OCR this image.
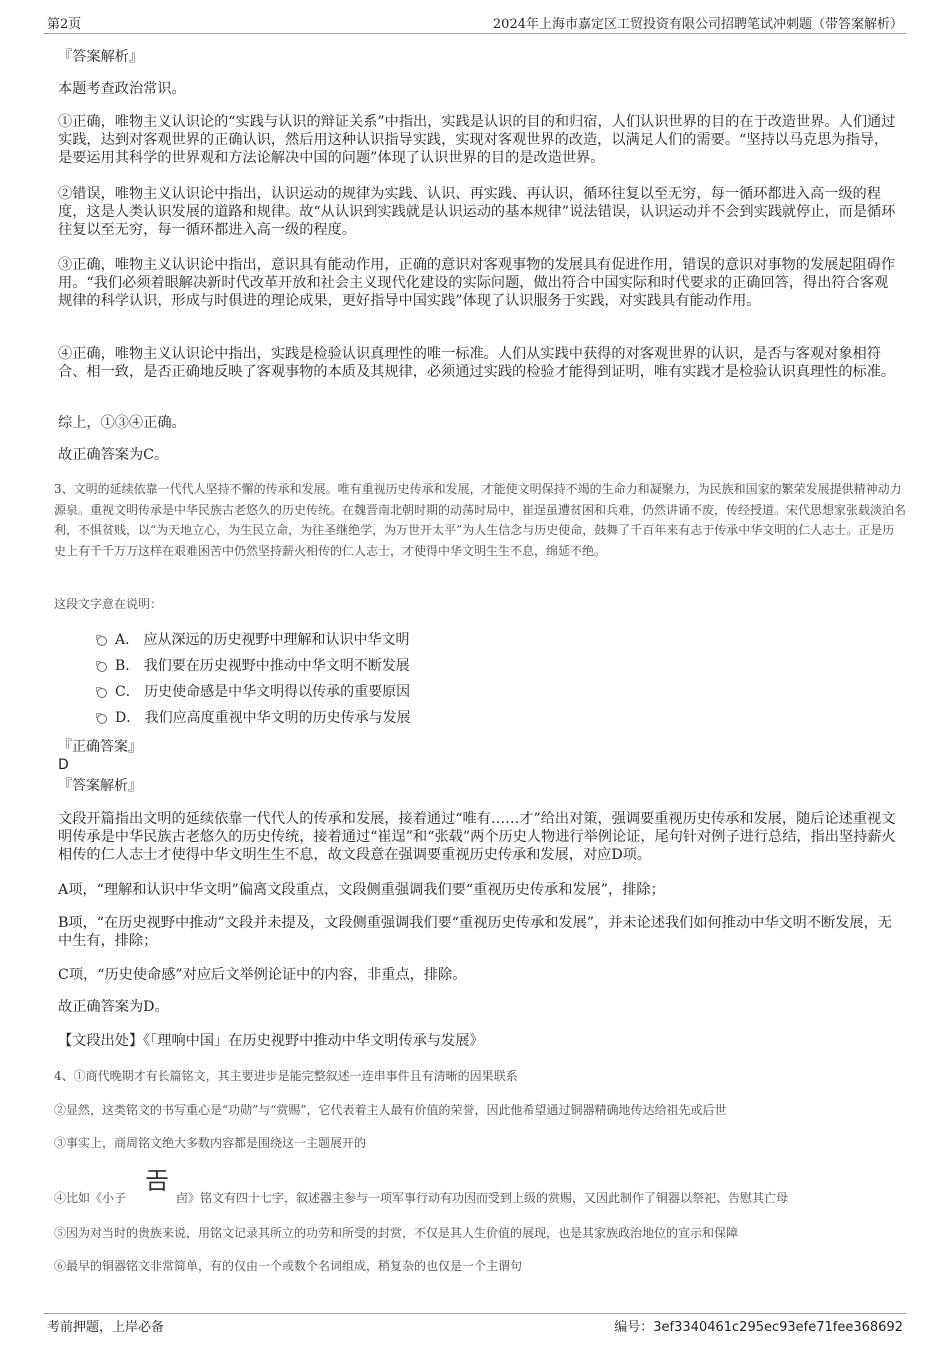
第2页	2024年上海市嘉定区工贸投资有限公司招聘笔试冲刺题（带答案解析）
『答案解析』
本题考查政治常识。
①正确，唯物主义认识论的“实践与认识的辩证关系”中指出，实践是认识的目的和归宿，人们认识世界的目的在于改造世界。人们通过实践，达到对客观世界的正确认识，然后用这种认识指导实践，实现对客观世界的改造，以满足人们的需要。“坚持以马克思为指导，是要运用其科学的世界观和方法论解决中国的问题”体现了认识世界的目的是改造世界。
②错误，唯物主义认识论中指出，认识运动的规律为实践、认识、再实践、再认识，循环往复以至无穷，每一循环都进入高一级的程度，这是人类认识发展的道路和规律。故“从认识到实践就是认识运动的基本规律”说法错误，认识运动并不会到实践就停止，而是循环往复以至无穷，每一循环都进入高一级的程度。
③正确，唯物主义认识论中指出，意识具有能动作用，正确的意识对客观事物的发展具有促进作用，错误的意识对事物的发展起阻碍作用。“我们必须着眼解决新时代改革开放和社会主义现代化建设的实际问题，做出符合中国实际和时代要求的正确回答，得出符合客观规律的科学认识，形成与时俱进的理论成果，更好指导中国实践”体现了认识服务于实践，对实践具有能动作用。
④正确，唯物主义认识论中指出，实践是检验认识真理性的唯一标准。人们从实践中获得的对客观世界的认识，是否与客观对象相符合、相一致，是否正确地反映了客观事物的本质及其规律，必须通过实践的检验才能得到证明，唯有实践才是检验认识真理性的标准。
综上，①③④正确。
故正确答案为C。
3、文明的延续依靠一代代人坚持不懈的传承和发展。唯有重视历史传承和发展，才能使文明保持不竭的生命力和凝聚力，为民族和国家的繁荣发展提供精神动力源泉。重视文明传承是中华民族古老悠久的历史传统。在魏晋南北朝时期的动荡时局中，崔逞虽遭贫困和兵难，仍然讲诵不废，传经授道。宋代思想家张载淡泊名利，不惧贫贱，以“为天地立心，为生民立命，为往圣继绝学，为万世开太平”为人生信念与历史使命，鼓舞了千百年来有志于传承中华文明的仁人志士。正是历史上有千千万万这样在艰难困苦中仍然坚持薪火相传的仁人志士，才使得中华文明生生不息，绵延不绝。
这段文字意在说明：
A． 应从深远的历史视野中理解和认识中华文明
B． 我们要在历史视野中推动中华文明不断发展
C． 历史使命感是中华文明得以传承的重要原因
D． 我们应高度重视中华文明的历史传承与发展
『正确答案』
D
『答案解析』
文段开篇指出文明的延续依靠一代代人的传承和发展，接着通过“唯有……才”给出对策，强调要重视历史传承和发展，随后论述重视文明传承是中华民族古老悠久的历史传统，接着通过“崔逞”和“张载”两个历史人物进行举例论证，尾句针对例子进行总结，指出坚持薪火相传的仁人志士才使得中华文明生生不息，故文段意在强调要重视历史传承和发展，对应D项。
A项，“理解和认识中华文明”偏离文段重点，文段侧重强调我们要“重视历史传承和发展”，排除；
B项，“在历史视野中推动”文段并未提及，文段侧重强调我们要“重视历史传承和发展”，并未论述我们如何推动中华文明不断发展，无中生有，排除；
C项，“历史使命感”对应后文举例论证中的内容，非重点，排除。
故正确答案为D。
【文段出处】《「理响中国」在历史视野中推动中华文明传承与发展》
4、①商代晚期才有长篇铭文，其主要进步是能完整叙述一连串事件且有清晰的因果联系
②显然，这类铭文的书写重心是“功勋”与“赏赐”，它代表着主人最有价值的荣誉，因此他希望通过铜器精确地传达给祖先或后世
③事实上，商周铭文绝大多数内容都是围绕这一主题展开的
④比如《小子
𢀛
卣》铭文有四十七字，叙述器主参与一项军事行动有功因而受到上级的赏赐，又因此制作了铜器以祭祀、告慰其亡母
⑤因为对当时的贵族来说，用铭文记录其所立的功劳和所受的封赏，不仅是其人生价值的展现，也是其家族政治地位的宣示和保障
⑥最早的铜器铭文非常简单，有的仅由一个或数个名词组成，稍复杂的也仅是一个主谓句
考前押题，上岸必备	编号：3ef3340461c295ec93efe71fee368692
